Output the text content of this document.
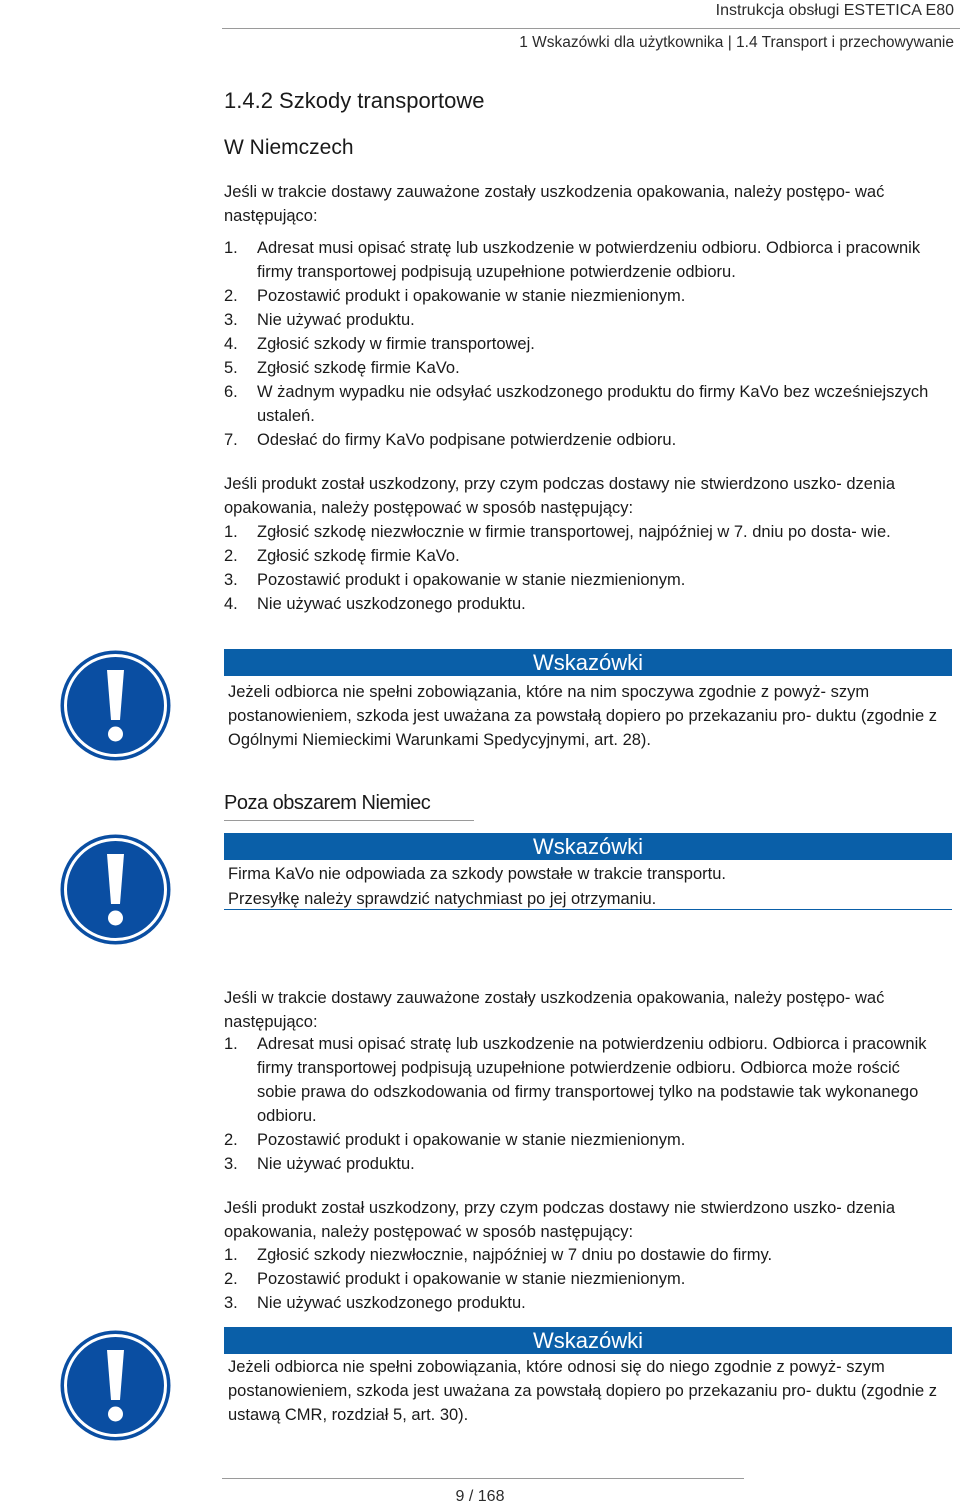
Instrukcja obsługi ESTETICA E80
1 Wskazówki dla użytkownika | 1.4 Transport i przechowywanie
1.4.2 Szkody transportowe
W Niemczech

Jeśli w trakcie dostawy zauważone zostały uszkodzenia opakowania, należy postępo- wać następująco:

1. Adresat musi opisać stratę lub uszkodzenie w potwierdzeniu odbioru. Odbiorca i pracownik firmy transportowej podpisują uzupełnione potwierdzenie odbioru.
2. Pozostawić produkt i opakowanie w stanie niezmienionym.
3. Nie używać produktu.
4. Zgłosić szkody w firmie transportowej.
5. Zgłosić szkodę firmie KaVo.
6. W żadnym wypadku nie odsyłać uszkodzonego produktu do firmy KaVo bez wcześniejszych ustaleń.
7. Odesłać do firmy KaVo podpisane potwierdzenie odbioru.

Jeśli produkt został uszkodzony, przy czym podczas dostawy nie stwierdzono uszko- dzenia opakowania, należy postępować w sposób następujący:

1. Zgłosić szkodę niezwłocznie w firmie transportowej, najpóźniej w 7. dniu po dosta- wie.
2. Zgłosić szkodę firmie KaVo.
3. Pozostawić produkt i opakowanie w stanie niezmienionym.
4. Nie używać uszkodzonego produktu.
Wskazówki

Jeżeli odbiorca nie spełni zobowiązania, które na nim spoczywa zgodnie z powyż- szym postanowieniem, szkoda jest uważana za powstałą dopiero po przekazaniu pro- duktu (zgodnie z Ogólnymi Niemieckimi Warunkami Spedycyjnymi, art. 28).

Poza obszarem Niemiec
Wskazówki

Firma KaVo nie odpowiada za szkody powstałe w trakcie transportu.

Przesyłkę należy sprawdzić natychmiast po jej otrzymaniu.

Jeśli w trakcie dostawy zauważone zostały uszkodzenia opakowania, należy postępo- wać następująco:

1. Adresat musi opisać stratę lub uszkodzenie na potwierdzeniu odbioru. Odbiorca i pracownik firmy transportowej podpisują uzupełnione potwierdzenie odbioru. Odbiorca może rościć sobie prawa do odszkodowania od firmy transportowej tylko na podstawie tak wykonanego odbioru.
2. Pozostawić produkt i opakowanie w stanie niezmienionym.
3. Nie używać produktu.

Jeśli produkt został uszkodzony, przy czym podczas dostawy nie stwierdzono uszko- dzenia opakowania, należy postępować w sposób następujący:

1. Zgłosić szkody niezwłocznie, najpóźniej w 7 dniu po dostawie do firmy.
2. Pozostawić produkt i opakowanie w stanie niezmienionym.
3. Nie używać uszkodzonego produktu.
Wskazówki

Jeżeli odbiorca nie spełni zobowiązania, które odnosi się do niego zgodnie z powyż- szym postanowieniem, szkoda jest uważana za powstałą dopiero po przekazaniu pro- duktu (zgodnie z ustawą CMR, rozdział 5, art. 30).

9 / 168
